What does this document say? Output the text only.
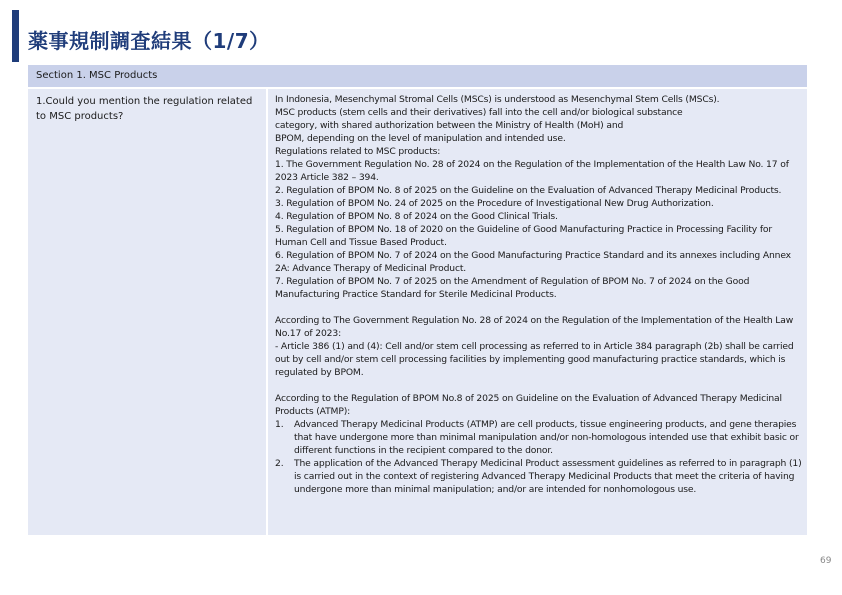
薬事規制調査結果（1/7）
Section 1. MSC Products
1.Could you mention the regulation related to MSC products?

In Indonesia, Mesenchymal Stromal Cells (MSCs) is understood as Mesenchymal Stem Cells (MSCs).

MSC products (stem cells and their derivatives) fall into the cell and/or biological substance

category, with shared authorization between the Ministry of Health (MoH) and

BPOM, depending on the level of manipulation and intended use.

Regulations related to MSC products:

1. The Government Regulation No. 28 of 2024 on the Regulation of the Implementation of the Health Law No. 17 of 2023 Article 382 – 394.

2. Regulation of BPOM No. 8 of 2025 on the Guideline on the Evaluation of Advanced Therapy Medicinal Products.

3. Regulation of BPOM No. 24 of 2025 on the Procedure of Investigational New Drug Authorization.

4. Regulation of BPOM No. 8 of 2024 on the Good Clinical Trials.

5. Regulation of BPOM No. 18 of 2020 on the Guideline of Good Manufacturing Practice in Processing Facility for Human Cell and Tissue Based Product.

6. Regulation of BPOM No. 7 of 2024 on the Good Manufacturing Practice Standard and its annexes including Annex 2A: Advance Therapy of Medicinal Product.

7. Regulation of BPOM No. 7 of 2025 on the Amendment of Regulation of BPOM No. 7 of 2024 on the Good Manufacturing Practice Standard for Sterile Medicinal Products.

According to The Government Regulation No. 28 of 2024 on the Regulation of the Implementation of the Health Law No.17 of 2023:

- Article 386 (1) and (4): Cell and/or stem cell processing as referred to in Article 384 paragraph (2b) shall be carried out by cell and/or stem cell processing facilities by implementing good manufacturing practice standards, which is regulated by BPOM.

According to the Regulation of BPOM No.8 of 2025 on Guideline on the Evaluation of Advanced Therapy Medicinal Products (ATMP):

1.	Advanced Therapy Medicinal Products (ATMP) are cell products, tissue engineering products, and gene therapies that have undergone more than minimal manipulation and/or non-homologous intended use that exhibit basic or different functions in the recipient compared to the donor.
2.	The application of the Advanced Therapy Medicinal Product assessment guidelines as referred to in paragraph (1) is carried out in the context of registering Advanced Therapy Medicinal Products that meet the criteria of having undergone more than minimal manipulation; and/or are intended for nonhomologous use.
69
